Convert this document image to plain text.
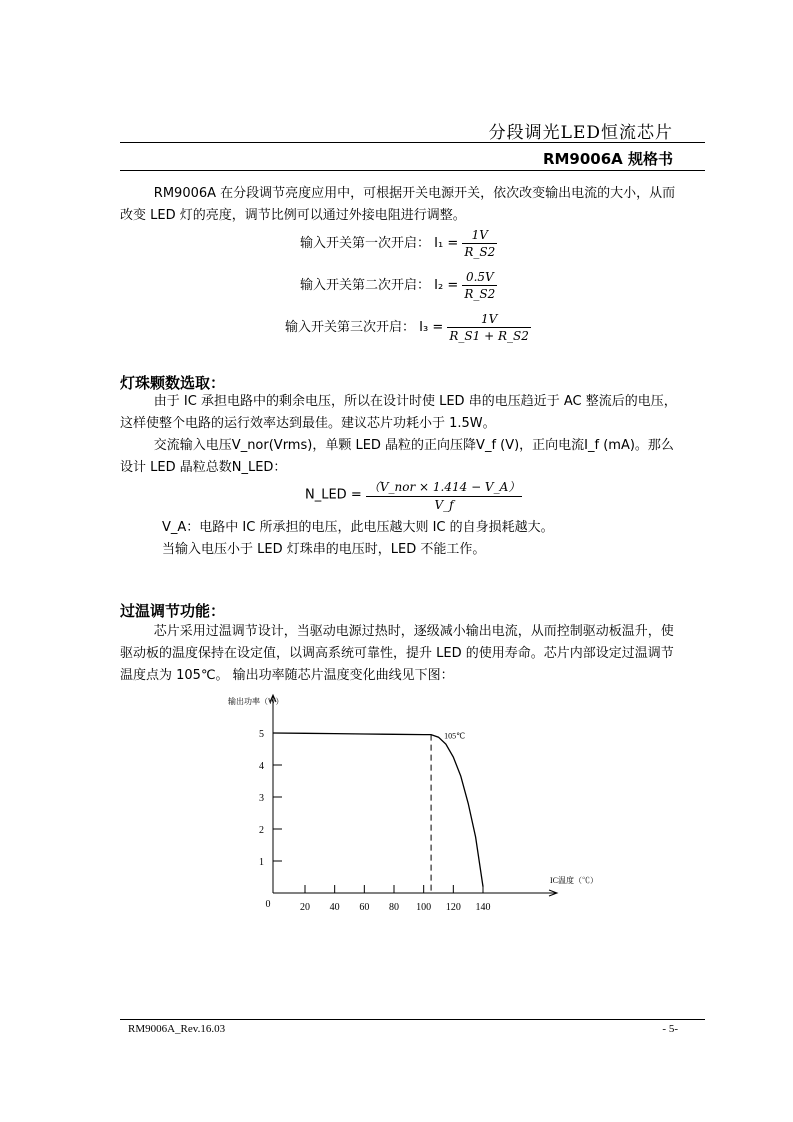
分段调光LED恒流芯片
RM9006A 规格书
RM9006A 在分段调节亮度应用中，可根据开关电源开关，依次改变输出电流的大小，从而改变 LED 灯的亮度，调节比例可以通过外接电阻进行调整。
输入开关第一次开启： $I_1 = \frac{1V}{R\_S2}$
输入开关第二次开启： $I_2 = \frac{0.5V}{R\_S2}$
输入开关第三次开启： $I_3 = \frac{1V}{R\_S1 + R\_S2}$
灯珠颗数选取：
由于 IC 承担电路中的剩余电压，所以在设计时使 LED 串的电压趋近于 AC 整流后的电压，这样使整个电路的运行效率达到最佳。建议芯片功耗小于 1.5W。
交流输入电压V_nor(Vrms)，单颗 LED 晶粒的正向压降V_f (V)，正向电流I_f (mA)。那么设计 LED 晶粒总数N_LED：
N_LED = $\frac{\text{（V\_nor × 1.414 − V\_A）}}{V\_f}$
V_A：电路中 IC 所承担的电压，此电压越大则 IC 的自身损耗越大。
当输入电压小于 LED 灯珠串的电压时，LED 不能工作。
过温调节功能：
芯片采用过温调节设计，当驱动电源过热时，逐级减小输出电流，从而控制驱动板温升，使驱动板的温度保持在设定值，以调高系统可靠性，提升 LED 的使用寿命。芯片内部设定过温调节温度点为 105℃。 输出功率随芯片温度变化曲线见下图：
输出功率（W）
IC温度（℃）
1
2
3
4
5
0	20 40 60 80 100 120 140
105℃
RM9006A_Rev.16.03	- 5-
